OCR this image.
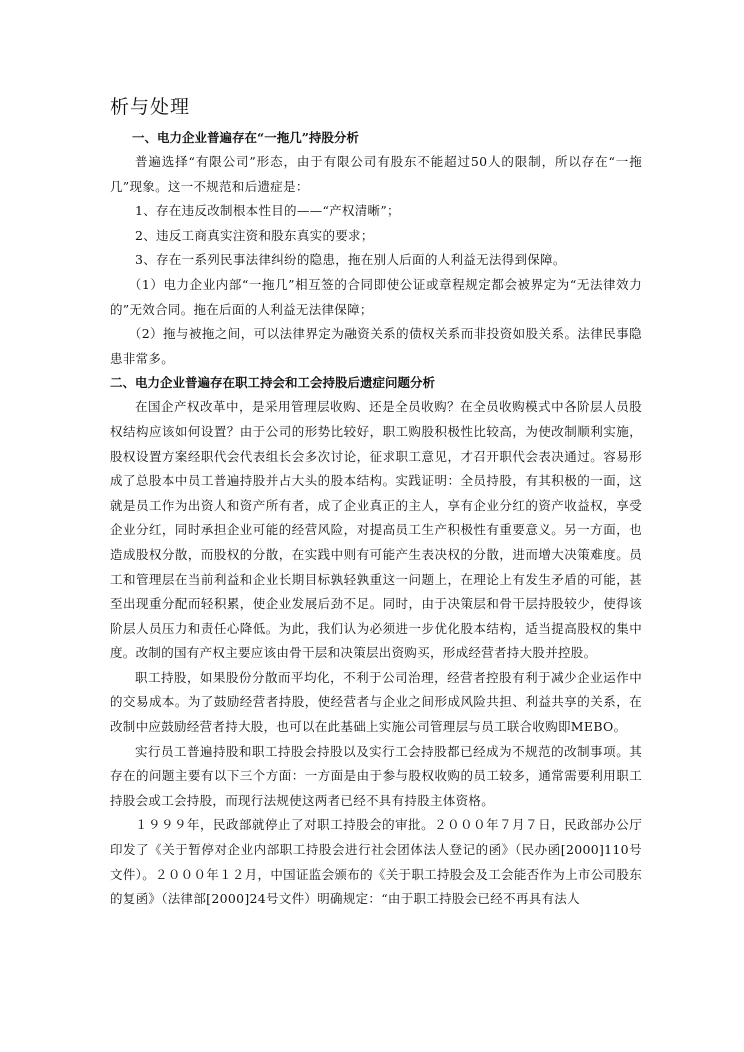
析与处理

一、电力企业普遍存在“一拖几”持股分析

普遍选择“有限公司”形态，由于有限公司有股东不能超过50人的限制，所以存在“一拖几”现象。这一不规范和后遗症是：

1、存在违反改制根本性目的——“产权清晰”；

2、违反工商真实注资和股东真实的要求；

3、存在一系列民事法律纠纷的隐患，拖在别人后面的人利益无法得到保障。

（1）电力企业内部“一拖几”相互签的合同即使公证或章程规定都会被界定为“无法律效力的”无效合同。拖在后面的人利益无法律保障；

（2）拖与被拖之间，可以法律界定为融资关系的债权关系而非投资如股关系。法律民事隐患非常多。

二、电力企业普遍存在职工持会和工会持股后遗症问题分析

在国企产权改革中，是采用管理层收购、还是全员收购？在全员收购模式中各阶层人员股权结构应该如何设置？由于公司的形势比较好，职工购股积极性比较高，为使改制顺利实施，股权设置方案经职代会代表组长会多次讨论，征求职工意见，才召开职代会表决通过。容易形成了总股本中员工普遍持股并占大头的股本结构。实践证明：全员持股，有其积极的一面，这就是员工作为出资人和资产所有者，成了企业真正的主人，享有企业分红的资产收益权，享受企业分红，同时承担企业可能的经营风险，对提高员工生产积极性有重要意义。另一方面，也造成股权分散，而股权的分散，在实践中则有可能产生表决权的分散，进而增大决策难度。员工和管理层在当前利益和企业长期目标孰轻孰重这一问题上，在理论上有发生矛盾的可能，甚至出现重分配而轻积累，使企业发展后劲不足。同时，由于决策层和骨干层持股较少，使得该阶层人员压力和责任心降低。为此，我们认为必须进一步优化股本结构，适当提高股权的集中度。改制的国有产权主要应该由骨干层和决策层出资购买，形成经营者持大股并控股。

职工持股，如果股份分散而平均化，不利于公司治理，经营者控股有利于减少企业运作中的交易成本。为了鼓励经营者持股，使经营者与企业之间形成风险共担、利益共享的关系，在改制中应鼓励经营者持大股，也可以在此基础上实施公司管理层与员工联合收购即MEBO。

实行员工普遍持股和职工持股会持股以及实行工会持股都已经成为不规范的改制事项。其存在的问题主要有以下三个方面：一方面是由于参与股权收购的员工较多，通常需要利用职工持股会或工会持股，而现行法规使这两者已经不具有持股主体资格。

１９９９年，民政部就停止了对职工持股会的审批。２０００年７月７日，民政部办公厅印发了《关于暂停对企业内部职工持股会进行社会团体法人登记的函》（民办函[2000]110号文件）。２０００年１２月，中国证监会颁布的《关于职工持股会及工会能否作为上市公司股东的复函》（法律部[2000]24号文件）明确规定：“由于职工持股会已经不再具有法人
